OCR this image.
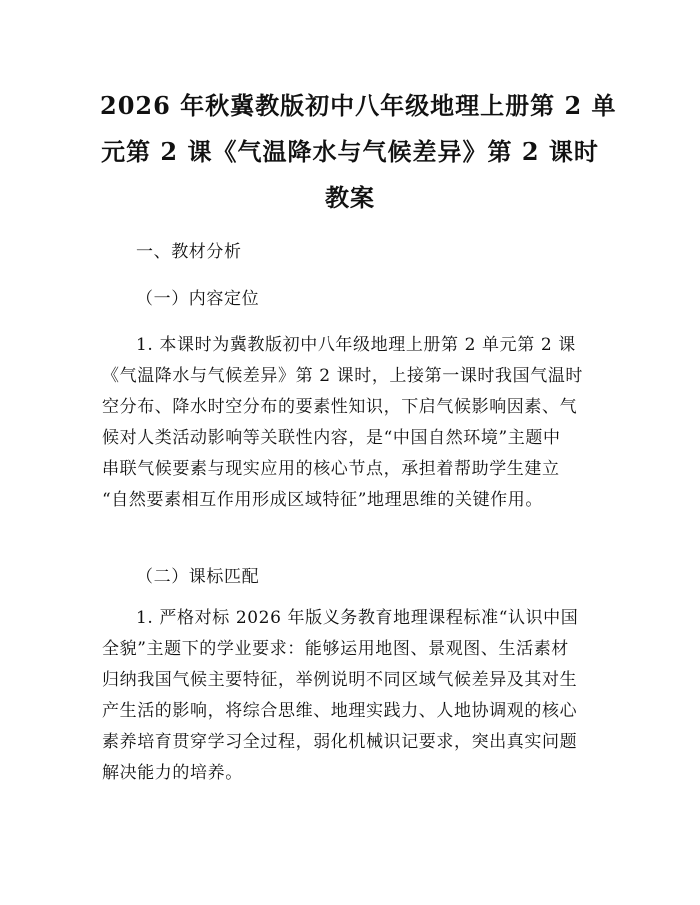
2026 年秋冀教版初中八年级地理上册第 2 单
元第 2 课《气温降水与气候差异》第 2 课时
教案

一、教材分析

（一）内容定位

1. 本课时为冀教版初中八年级地理上册第 2 单元第 2 课
《气温降水与气候差异》第 2 课时，上接第一课时我国气温时
空分布、降水时空分布的要素性知识，下启气候影响因素、气
候对人类活动影响等关联性内容，是“中国自然环境”主题中
串联气候要素与现实应用的核心节点，承担着帮助学生建立
“自然要素相互作用形成区域特征”地理思维的关键作用。

（二）课标匹配

1. 严格对标 2026 年版义务教育地理课程标准“认识中国
全貌”主题下的学业要求：能够运用地图、景观图、生活素材
归纳我国气候主要特征，举例说明不同区域气候差异及其对生
产生活的影响，将综合思维、地理实践力、人地协调观的核心
素养培育贯穿学习全过程，弱化机械识记要求，突出真实问题
解决能力的培养。
